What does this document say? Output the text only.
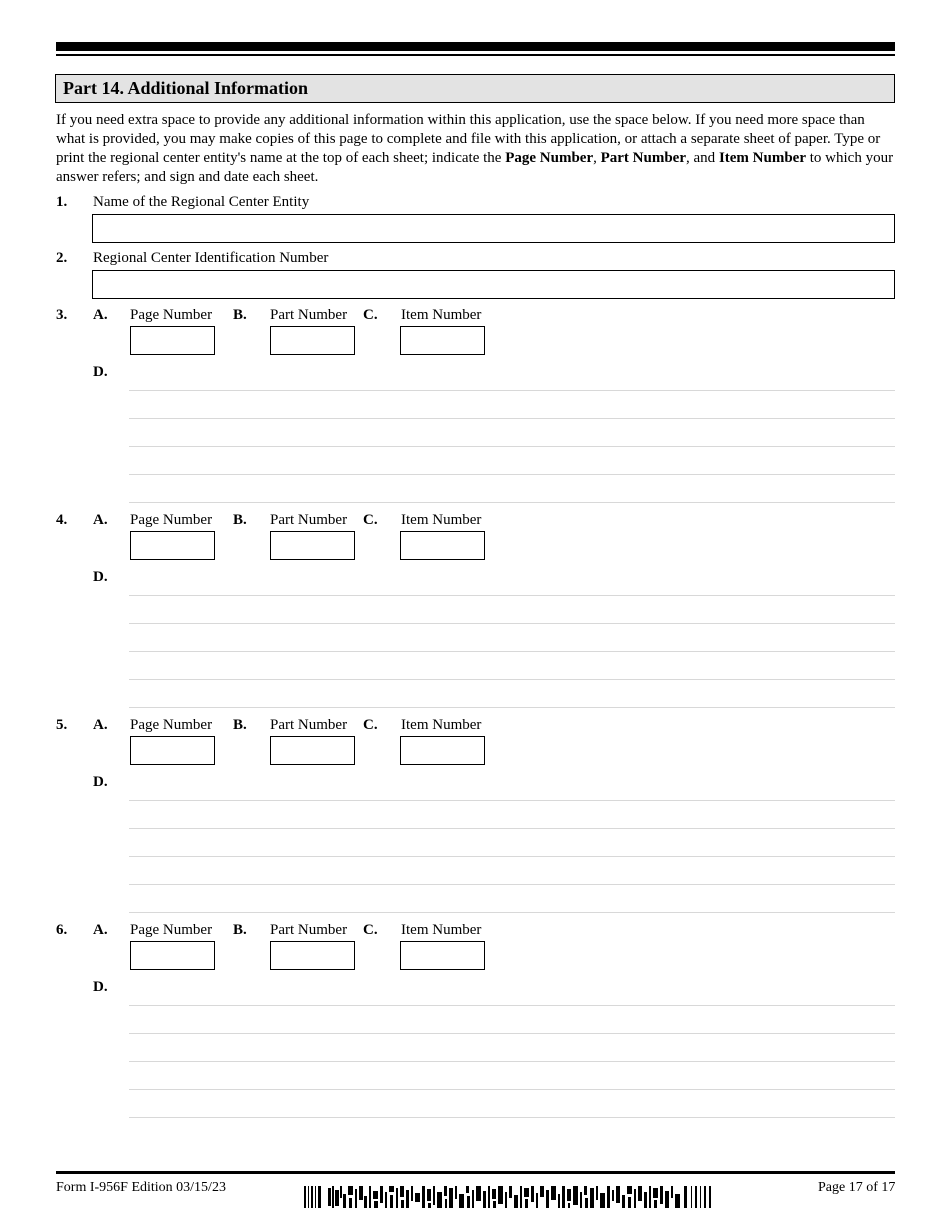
Part 14. Additional Information
If you need extra space to provide any additional information within this application, use the space below. If you need more space than what is provided, you may make copies of this page to complete and file with this application, or attach a separate sheet of paper. Type or print the regional center entity's name at the top of each sheet; indicate the Page Number, Part Number, and Item Number to which your answer refers; and sign and date each sheet.
1. Name of the Regional Center Entity
2. Regional Center Identification Number
3. A. Page Number B. Part Number C. Item Number
D.
4. A. Page Number B. Part Number C. Item Number
D.
5. A. Page Number B. Part Number C. Item Number
D.
6. A. Page Number B. Part Number C. Item Number
D.
Form I-956F Edition 03/15/23	Page 17 of 17
